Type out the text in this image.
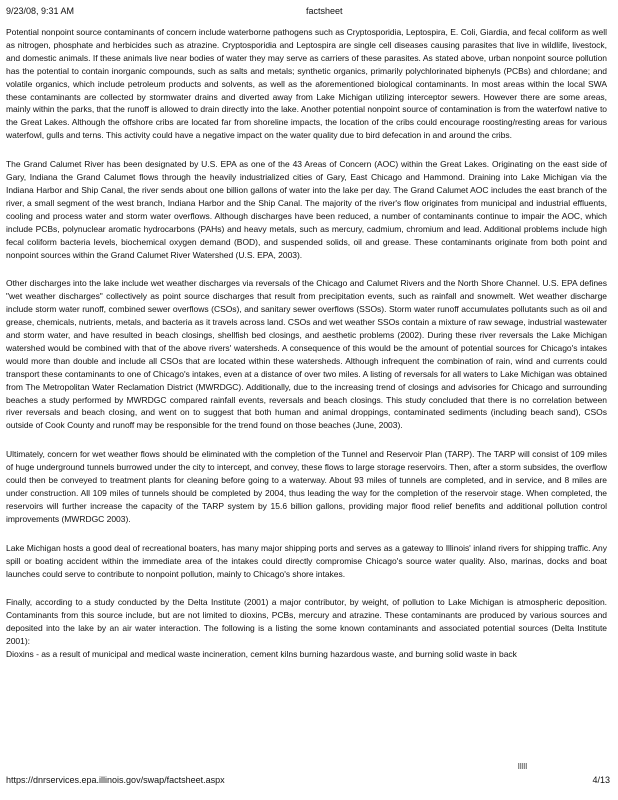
9/23/08, 9:31 AM	factsheet

Potential nonpoint source contaminants of concern include waterborne pathogens such as Cryptosporidia, Leptospira, E. Coli, Giardia, and fecal coliform as well as nitrogen, phosphate and herbicides such as atrazine. Cryptosporidia and Leptospira are single cell diseases causing parasites that live in wildlife, livestock, and domestic animals. If these animals live near bodies of water they may serve as carriers of these parasites. As stated above, urban nonpoint source pollution has the potential to contain inorganic compounds, such as salts and metals; synthetic organics, primarily polychlorinated biphenyls (PCBs) and chlordane; and volatile organics, which include petroleum products and solvents, as well as the aforementioned biological contaminants. In most areas within the local SWA these contaminants are collected by stormwater drains and diverted away from Lake Michigan utilizing interceptor sewers. However there are some areas, mainly within the parks, that the runoff is allowed to drain directly into the lake. Another potential nonpoint source of contamination is from the waterfowl native to the Great Lakes. Although the offshore cribs are located far from shoreline impacts, the location of the cribs could encourage roosting/resting areas for various waterfowl, gulls and terns. This activity could have a negative impact on the water quality due to bird defecation in and around the cribs.

The Grand Calumet River has been designated by U.S. EPA as one of the 43 Areas of Concern (AOC) within the Great Lakes. Originating on the east side of Gary, Indiana the Grand Calumet flows through the heavily industrialized cities of Gary, East Chicago and Hammond. Draining into Lake Michigan via the Indiana Harbor and Ship Canal, the river sends about one billion gallons of water into the lake per day. The Grand Calumet AOC includes the east branch of the river, a small segment of the west branch, Indiana Harbor and the Ship Canal. The majority of the river's flow originates from municipal and industrial effluents, cooling and process water and storm water overflows. Although discharges have been reduced, a number of contaminants continue to impair the AOC, which include PCBs, polynuclear aromatic hydrocarbons (PAHs) and heavy metals, such as mercury, cadmium, chromium and lead. Additional problems include high fecal coliform bacteria levels, biochemical oxygen demand (BOD), and suspended solids, oil and grease. These contaminants originate from both point and nonpoint sources within the Grand Calumet River Watershed (U.S. EPA, 2003).

Other discharges into the lake include wet weather discharges via reversals of the Chicago and Calumet Rivers and the North Shore Channel. U.S. EPA defines "wet weather discharges" collectively as point source discharges that result from precipitation events, such as rainfall and snowmelt. Wet weather discharge include storm water runoff, combined sewer overflows (CSOs), and sanitary sewer overflows (SSOs). Storm water runoff accumulates pollutants such as oil and grease, chemicals, nutrients, metals, and bacteria as it travels across land. CSOs and wet weather SSOs contain a mixture of raw sewage, industrial wastewater and storm water, and have resulted in beach closings, shellfish bed closings, and aesthetic problems (2002). During these river reversals the Lake Michigan watershed would be combined with that of the above rivers' watersheds. A consequence of this would be the amount of potential sources for Chicago's intakes would more than double and include all CSOs that are located within these watersheds. Although infrequent the combination of rain, wind and currents could transport these contaminants to one of Chicago's intakes, even at a distance of over two miles. A listing of reversals for all waters to Lake Michigan was obtained from The Metropolitan Water Reclamation District (MWRDGC). Additionally, due to the increasing trend of closings and advisories for Chicago and surrounding beaches a study performed by MWRDGC compared rainfall events, reversals and beach closings. This study concluded that there is no correlation between river reversals and beach closing, and went on to suggest that both human and animal droppings, contaminated sediments (including beach sand), CSOs outside of Cook County and runoff may be responsible for the trend found on those beaches (June, 2003).

Ultimately, concern for wet weather flows should be eliminated with the completion of the Tunnel and Reservoir Plan (TARP). The TARP will consist of 109 miles of huge underground tunnels burrowed under the city to intercept, and convey, these flows to large storage reservoirs. Then, after a storm subsides, the overflow could then be conveyed to treatment plants for cleaning before going to a waterway. About 93 miles of tunnels are completed, and in service, and 8 miles are under construction. All 109 miles of tunnels should be completed by 2004, thus leading the way for the completion of the reservoir stage. When completed, the reservoirs will further increase the capacity of the TARP system by 15.6 billion gallons, providing major flood relief benefits and additional pollution control improvements (MWRDGC 2003).

Lake Michigan hosts a good deal of recreational boaters, has many major shipping ports and serves as a gateway to Illinois' inland rivers for shipping traffic. Any spill or boating accident within the immediate area of the intakes could directly compromise Chicago's source water quality. Also, marinas, docks and boat launches could serve to contribute to nonpoint pollution, mainly to Chicago's shore intakes.

Finally, according to a study conducted by the Delta Institute (2001) a major contributor, by weight, of pollution to Lake Michigan is atmospheric deposition. Contaminants from this source include, but are not limited to dioxins, PCBs, mercury and atrazine. These contaminants are produced by various sources and deposited into the lake by an air water interaction. The following is a listing the some known contaminants and associated potential sources (Delta Institute 2001):

Dioxins - as a result of municipal and medical waste incineration, cement kilns burning hazardous waste, and burning solid waste in back

https://dnrservices.epa.illinois.gov/swap/factsheet.aspx	4/13
